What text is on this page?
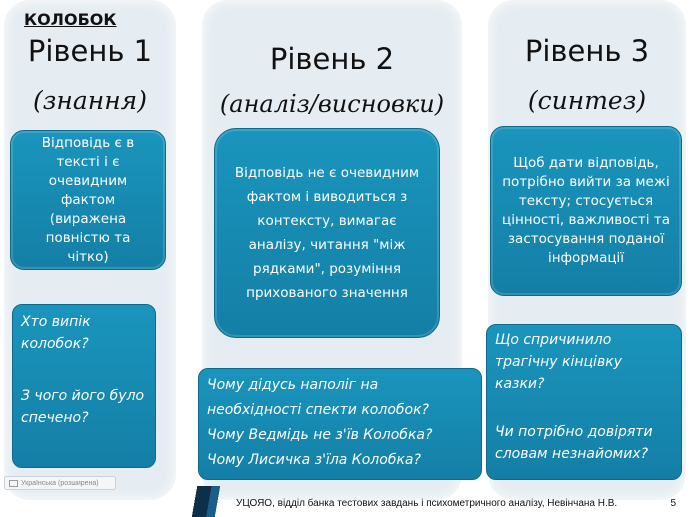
КОЛОБОК
Рівень 1
(знання)
Відповідь є в тексті і є очевидним фактом (виражена повністю та чітко)

Хто випік колобок?

З чого його було спечено?

Рівень 2
(аналіз/висновки)
Відповідь не є очевидним фактом і виводиться з контексту, вимагає аналізу, читання "між рядками", розуміння прихованого значення

Чому дідусь наполіг на необхідності спекти колобок?

Чому Ведмідь не з'їв Колобка?

Чому Лисичка з'їла Колобка?

Рівень 3
(синтез)
Щоб дати відповідь, потрібно вийти за межі тексту; стосується цінності, важливості та застосування поданої інформації

Що спричинило трагічну кінцівку казки?

Чи потрібно довіряти словам незнайомих?

Українська (розширена)
УЦОЯО, відділ банка тестових завдань і психометричного аналізу, Невінчана Н.В.	5
